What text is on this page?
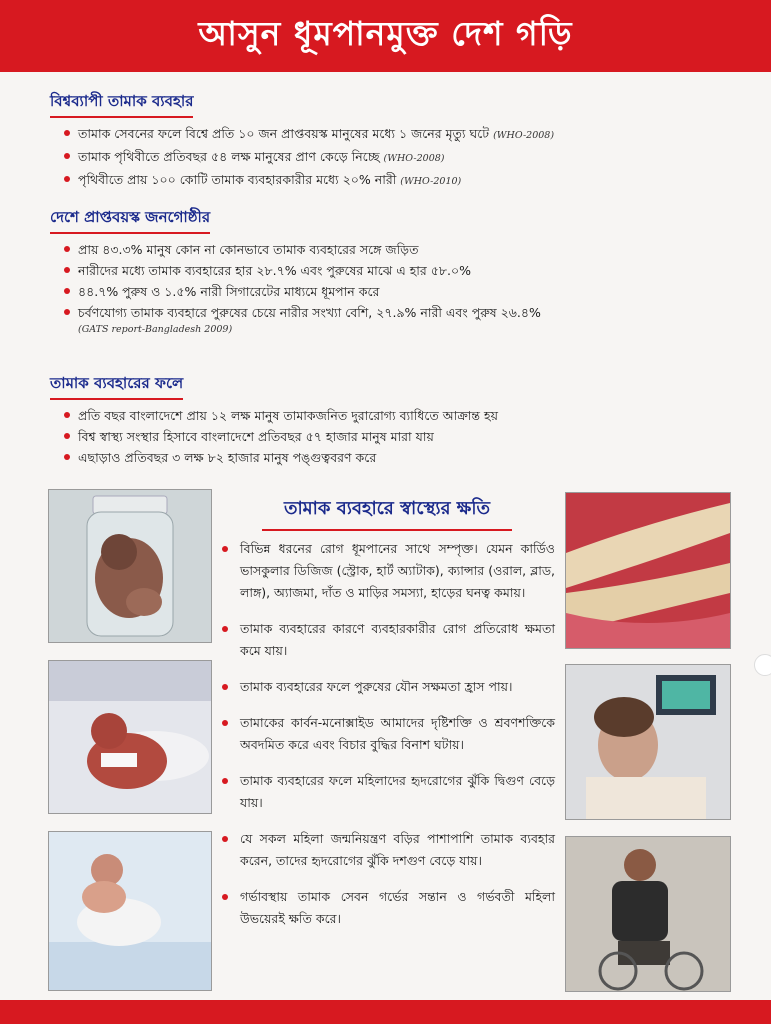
আসুন ধূমপানমুক্ত দেশ গড়ি
বিশ্বব্যাপী তামাক ব্যবহার
তামাক সেবনের ফলে বিশ্বে প্রতি ১০ জন প্রাপ্তবয়স্ক মানুষের মধ্যে ১ জনের মৃত্যু ঘটে (WHO-2008)
তামাক পৃথিবীতে প্রতিবছর ৫৪ লক্ষ মানুষের প্রাণ কেড়ে নিচ্ছে (WHO-2008)
পৃথিবীতে প্রায় ১০০ কোটি তামাক ব্যবহারকারীর মধ্যে ২০% নারী (WHO-2010)
দেশে প্রাপ্তবয়স্ক জনগোষ্ঠীর
প্রায় ৪৩.৩% মানুষ কোন না কোনভাবে তামাক ব্যবহারের সঙ্গে জড়িত
নারীদের মধ্যে তামাক ব্যবহারের হার ২৮.৭% এবং পুরুষের মাঝে এ হার ৫৮.০%
৪৪.৭% পুরুষ ও ১.৫% নারী সিগারেটের মাধ্যমে ধূমপান করে
চর্বণযোগ্য তামাক ব্যবহারে পুরুষের চেয়ে নারীর সংখ্যা বেশি, ২৭.৯% নারী এবং পুরুষ ২৬.৪%
(GATS report-Bangladesh 2009)
তামাক ব্যবহারের ফলে
প্রতি বছর বাংলাদেশে প্রায় ১২ লক্ষ মানুষ তামাকজনিত দুরারোগ্য ব্যাধিতে আক্রান্ত হয়
বিশ্ব স্বাস্থ্য সংস্থার হিসাবে বাংলাদেশে প্রতিবছর ৫৭ হাজার মানুষ মারা যায়
এছাড়াও প্রতিবছর ৩ লক্ষ ৮২ হাজার মানুষ পঙ্গুত্ববরণ করে
তামাক ব্যবহারে স্বাস্থ্যের ক্ষতি
বিভিন্ন ধরনের রোগ ধূমপানের সাথে সম্পৃক্ত। যেমন কার্ডিও ভাসকুলার ডিজিজ (স্ট্রোক, হার্ট অ্যাটাক), ক্যান্সার (ওরাল, ব্লাড, লাঙ্গ), অ্যাজমা, দাঁত ও মাড়ির সমস্যা, হাড়ের ঘনত্ব কমায়।
তামাক ব্যবহারের কারণে ব্যবহারকারীর রোগ প্রতিরোধ ক্ষমতা কমে যায়।
তামাক ব্যবহারের ফলে পুরুষের যৌন সক্ষমতা হ্রাস পায়।
তামাকের কার্বন-মনোক্সাইড আমাদের দৃষ্টিশক্তি ও শ্রবণশক্তিকে অবদমিত করে এবং বিচার বুদ্ধির বিনাশ ঘটায়।
তামাক ব্যবহারের ফলে মহিলাদের হৃদরোগের ঝুঁকি দ্বিগুণ বেড়ে যায়।
যে সকল মহিলা জন্মনিয়ন্ত্রণ বড়ির পাশাপাশি তামাক ব্যবহার করেন, তাদের হৃদরোগের ঝুঁকি দশগুণ বেড়ে যায়।
গর্ভাবস্থায় তামাক সেবন গর্ভের সন্তান ও গর্ভবতী মহিলা উভয়েরই ক্ষতি করে।
